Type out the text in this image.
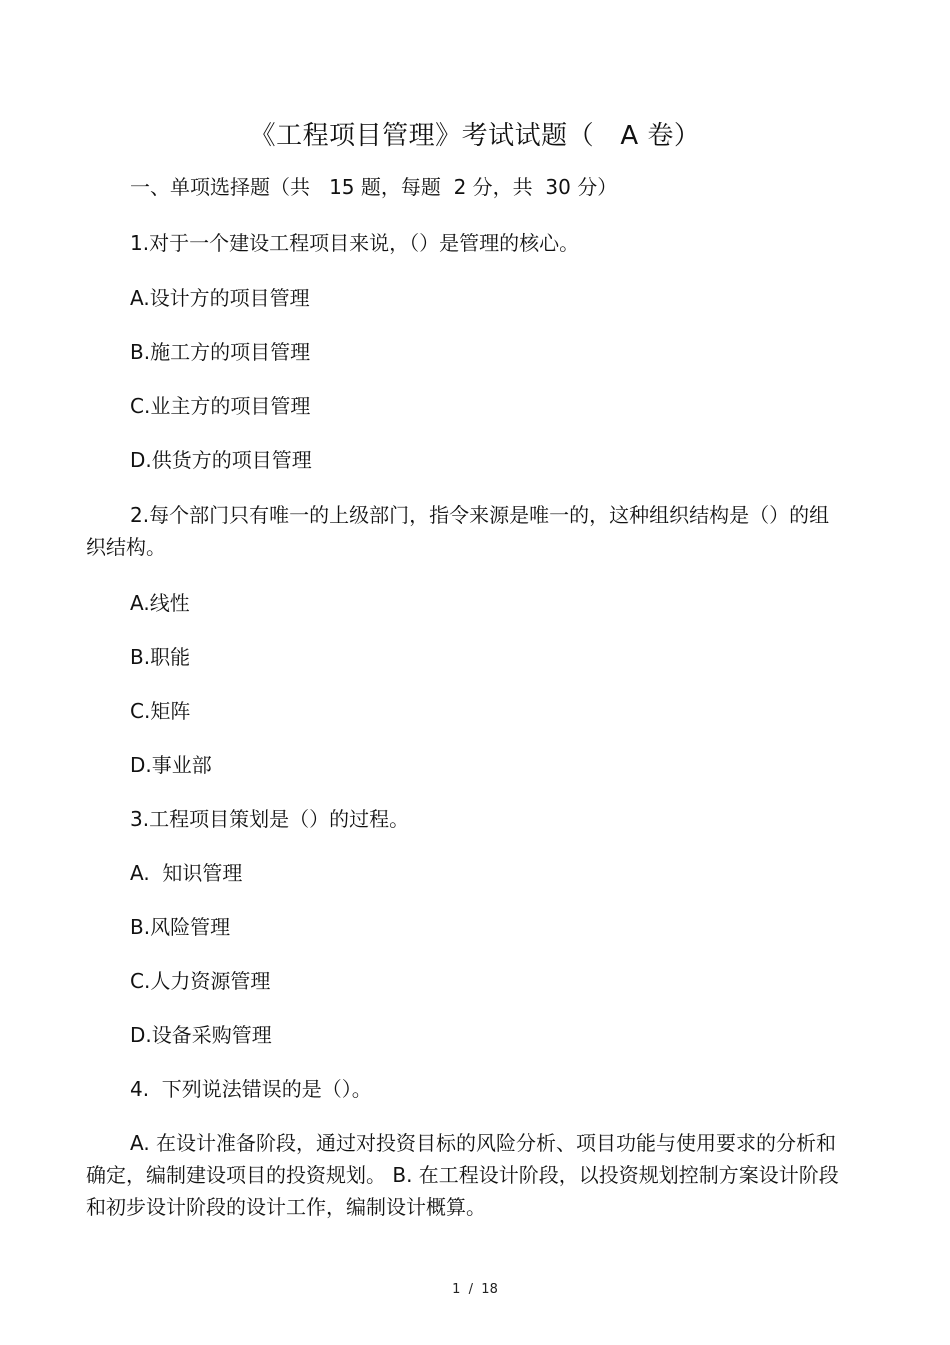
《工程项目管理》考试试题（   A 卷）
一、单项选择题（共   15 题，每题  2 分，共  30 分）
1.对于一个建设工程项目来说，（）是管理的核心。
A.设计方的项目管理
B.施工方的项目管理
C.业主方的项目管理
D.供货方的项目管理
2.每个部门只有唯一的上级部门，指令来源是唯一的，这种组织结构是（）的组织结构。
A.线性
B.职能
C.矩阵
D.事业部
3.工程项目策划是（）的过程。
A.  知识管理
B.风险管理
C.人力资源管理
D.设备采购管理
4.  下列说法错误的是（）。
A. 在设计准备阶段，通过对投资目标的风险分析、项目功能与使用要求的分析和确定，编制建设项目的投资规划。 B. 在工程设计阶段，以投资规划控制方案设计阶段和初步设计阶段的设计工作，编制设计概算。
1  /  18
